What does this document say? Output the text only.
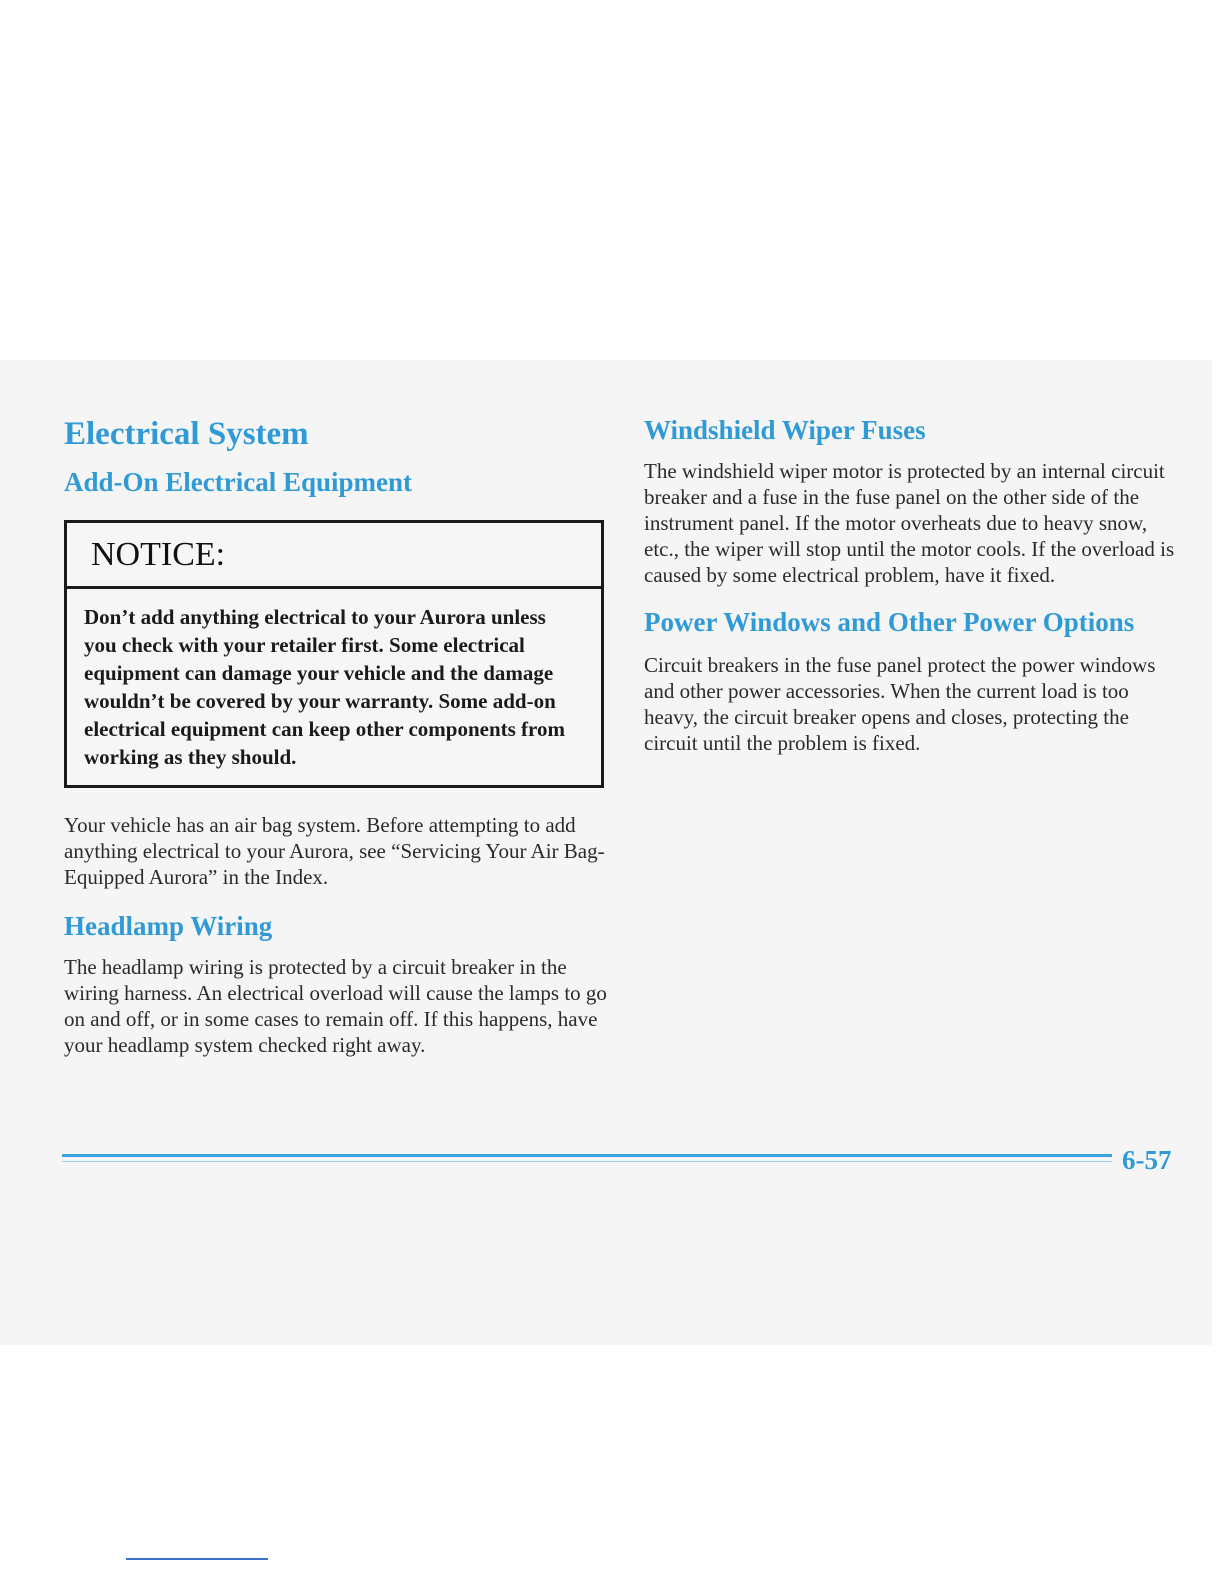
Electrical System
Add-On Electrical Equipment
NOTICE:
Don’t add anything electrical to your Aurora unless you check with your retailer first. Some electrical equipment can damage your vehicle and the damage wouldn’t be covered by your warranty. Some add-on electrical equipment can keep other components from working as they should.

Your vehicle has an air bag system. Before attempting to add anything electrical to your Aurora, see “Servicing Your Air Bag-Equipped Aurora” in the Index.

Headlamp Wiring

The headlamp wiring is protected by a circuit breaker in the wiring harness. An electrical overload will cause the lamps to go on and off, or in some cases to remain off. If this happens, have your headlamp system checked right away.

Windshield Wiper Fuses

The windshield wiper motor is protected by an internal circuit breaker and a fuse in the fuse panel on the other side of the instrument panel. If the motor overheats due to heavy snow, etc., the wiper will stop until the motor cools. If the overload is caused by some electrical problem, have it fixed.

Power Windows and Other Power Options

Circuit breakers in the fuse panel protect the power windows and other power accessories. When the current load is too heavy, the circuit breaker opens and closes, protecting the circuit until the problem is fixed.

6-57
